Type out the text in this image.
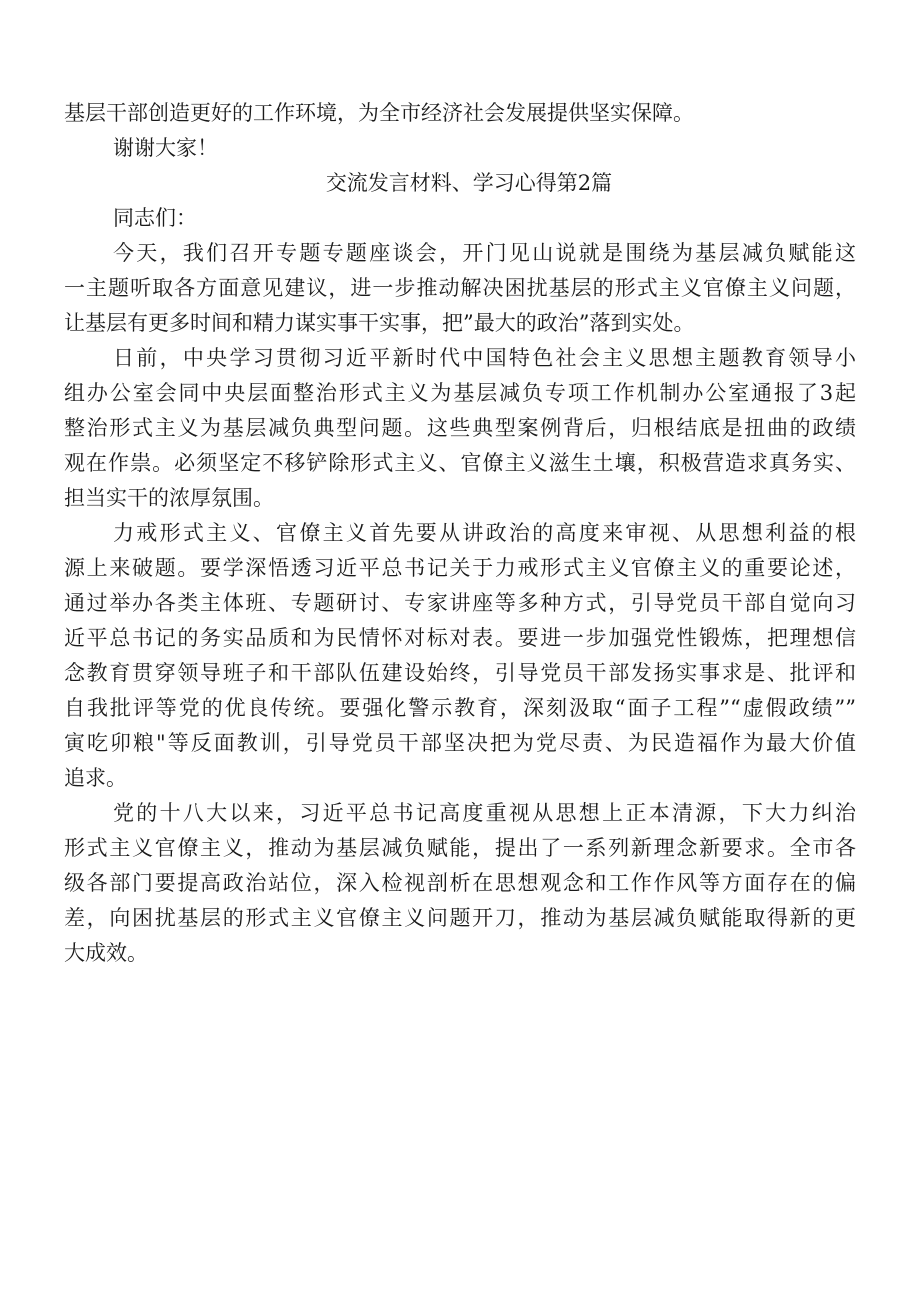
基层干部创造更好的工作环境，为全市经济社会发展提供坚实保障。
谢谢大家！
交流发言材料、学习心得第2篇
同志们：
今天，我们召开专题专题座谈会，开门见山说就是围绕为基层减负赋能这
一主题听取各方面意见建议，进一步推动解决困扰基层的形式主义官僚主义问题，
让基层有更多时间和精力谋实事干实事，把”最大的政治”落到实处。
日前，中央学习贯彻习近平新时代中国特色社会主义思想主题教育领导小
组办公室会同中央层面整治形式主义为基层减负专项工作机制办公室通报了3起
整治形式主义为基层减负典型问题。这些典型案例背后，归根结底是扭曲的政绩
观在作祟。必须坚定不移铲除形式主义、官僚主义滋生土壤，积极营造求真务实、
担当实干的浓厚氛围。
力戒形式主义、官僚主义首先要从讲政治的高度来审视、从思想利益的根
源上来破题。要学深悟透习近平总书记关于力戒形式主义官僚主义的重要论述，
通过举办各类主体班、专题研讨、专家讲座等多种方式，引导党员干部自觉向习
近平总书记的务实品质和为民情怀对标对表。要进一步加强党性锻炼，把理想信
念教育贯穿领导班子和干部队伍建设始终，引导党员干部发扬实事求是、批评和
自我批评等党的优良传统。要强化警示教育，深刻汲取“面子工程”“虚假政绩””
寅吃卯粮"等反面教训，引导党员干部坚决把为党尽责、为民造福作为最大价值
追求。
党的十八大以来，习近平总书记高度重视从思想上正本清源，下大力纠治
形式主义官僚主义，推动为基层减负赋能，提出了一系列新理念新要求。全市各
级各部门要提高政治站位，深入检视剖析在思想观念和工作作风等方面存在的偏
差，向困扰基层的形式主义官僚主义问题开刀，推动为基层减负赋能取得新的更
大成效。
